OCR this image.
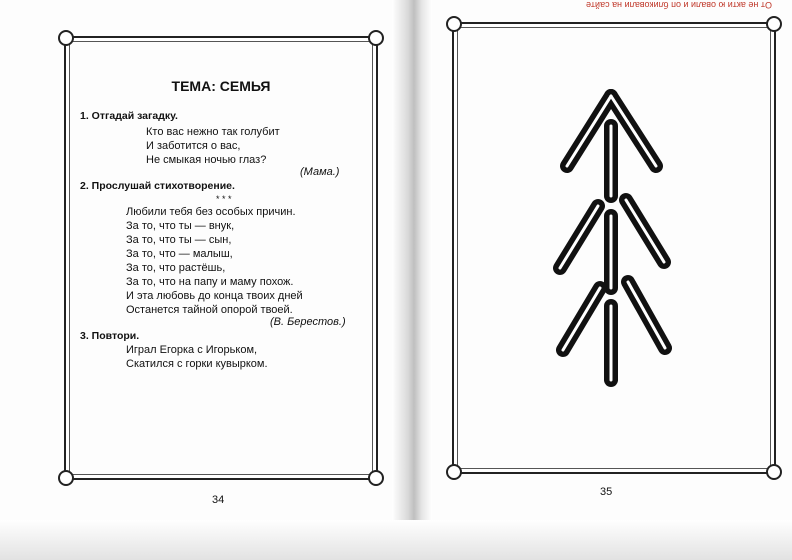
От не акти ю овали и оп бликовали на сайте
ТЕМА: СЕМЬЯ
1. Отгадай загадку.
Кто вас нежно так голубит
И заботится о вас,
Не смыкая ночью глаз?
(Мама.)
2. Прослушай стихотворение.
* * *
Любили тебя без особых причин.
За то, что ты — внук,
За то, что ты — сын,
За то, что — малыш,
За то, что растёшь,
За то, что на папу и маму похож.
И эта любовь до конца твоих дней
Останется тайной опорой твоей.
(В. Берестов.)
3. Повтори.
Играл Егорка с Игорьком,
Скатился с горки кувырком.
34
35
